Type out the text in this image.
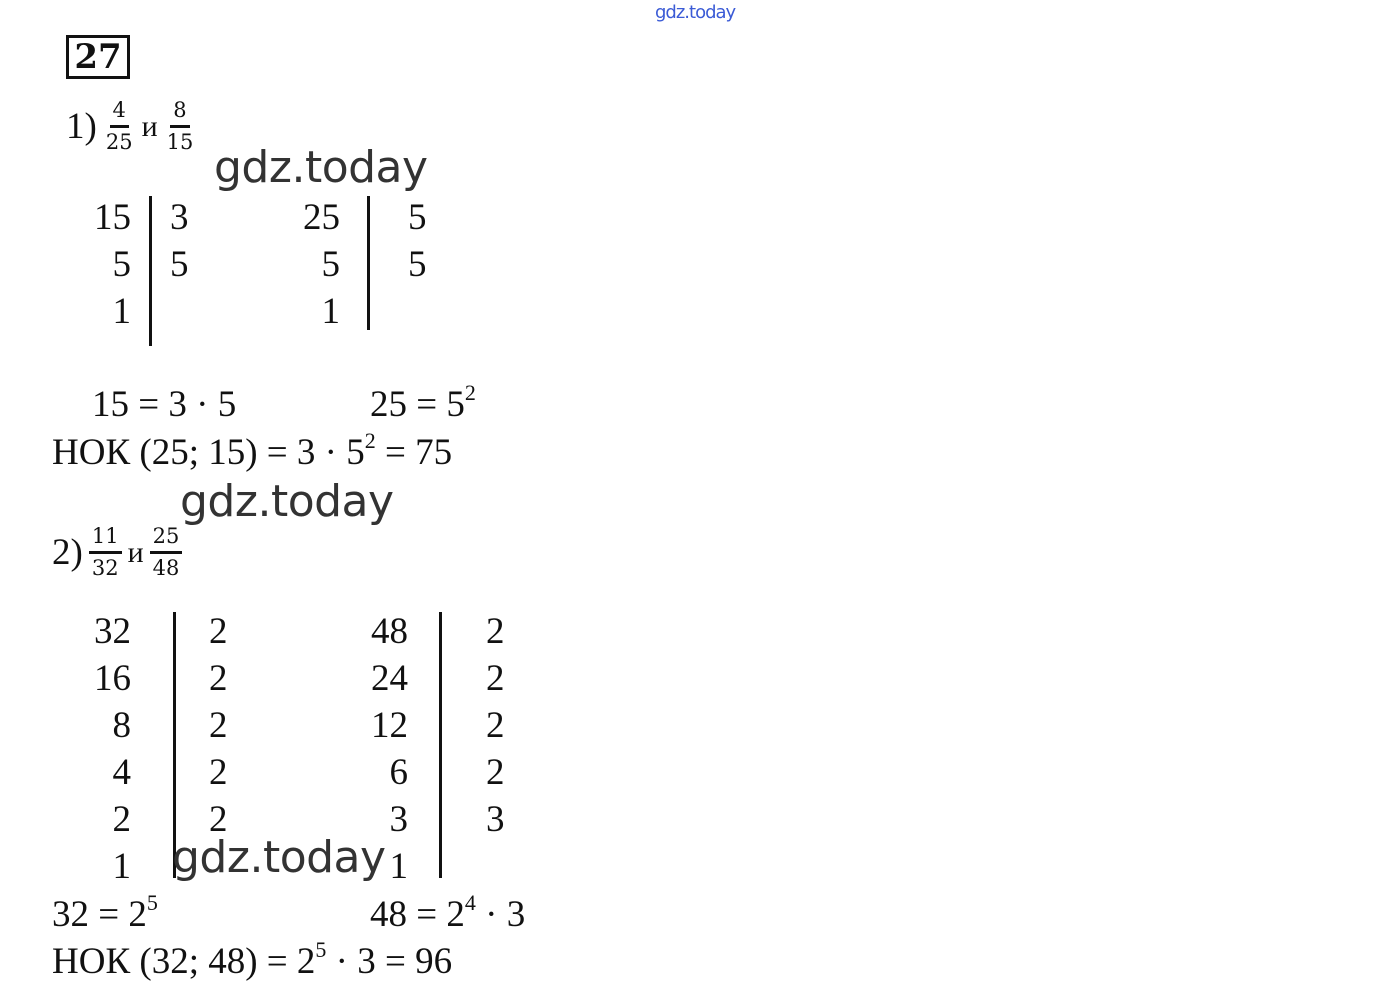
gdz.today
27
$1) \frac{4}{25}$ и $\frac{8}{15}$
gdz.today
15
5
1
3
5
25
5
1
5
5
15 = 3 · 5	$25 = 5^2$
НОК (25; $15) = 3 \cdot 5^2 = 75$
gdz.today
$2) \frac{11}{32}$ и $\frac{25}{48}$
32
16
8
4
2
1
2
2
2
2
2
48
24
12
6
3
1
2
2
2
2
3
gdz.today
$32 = 2^5$	$48 = 2^4 \cdot 3$
НОК (32; $48) = 2^5 \cdot 3 = 96$
